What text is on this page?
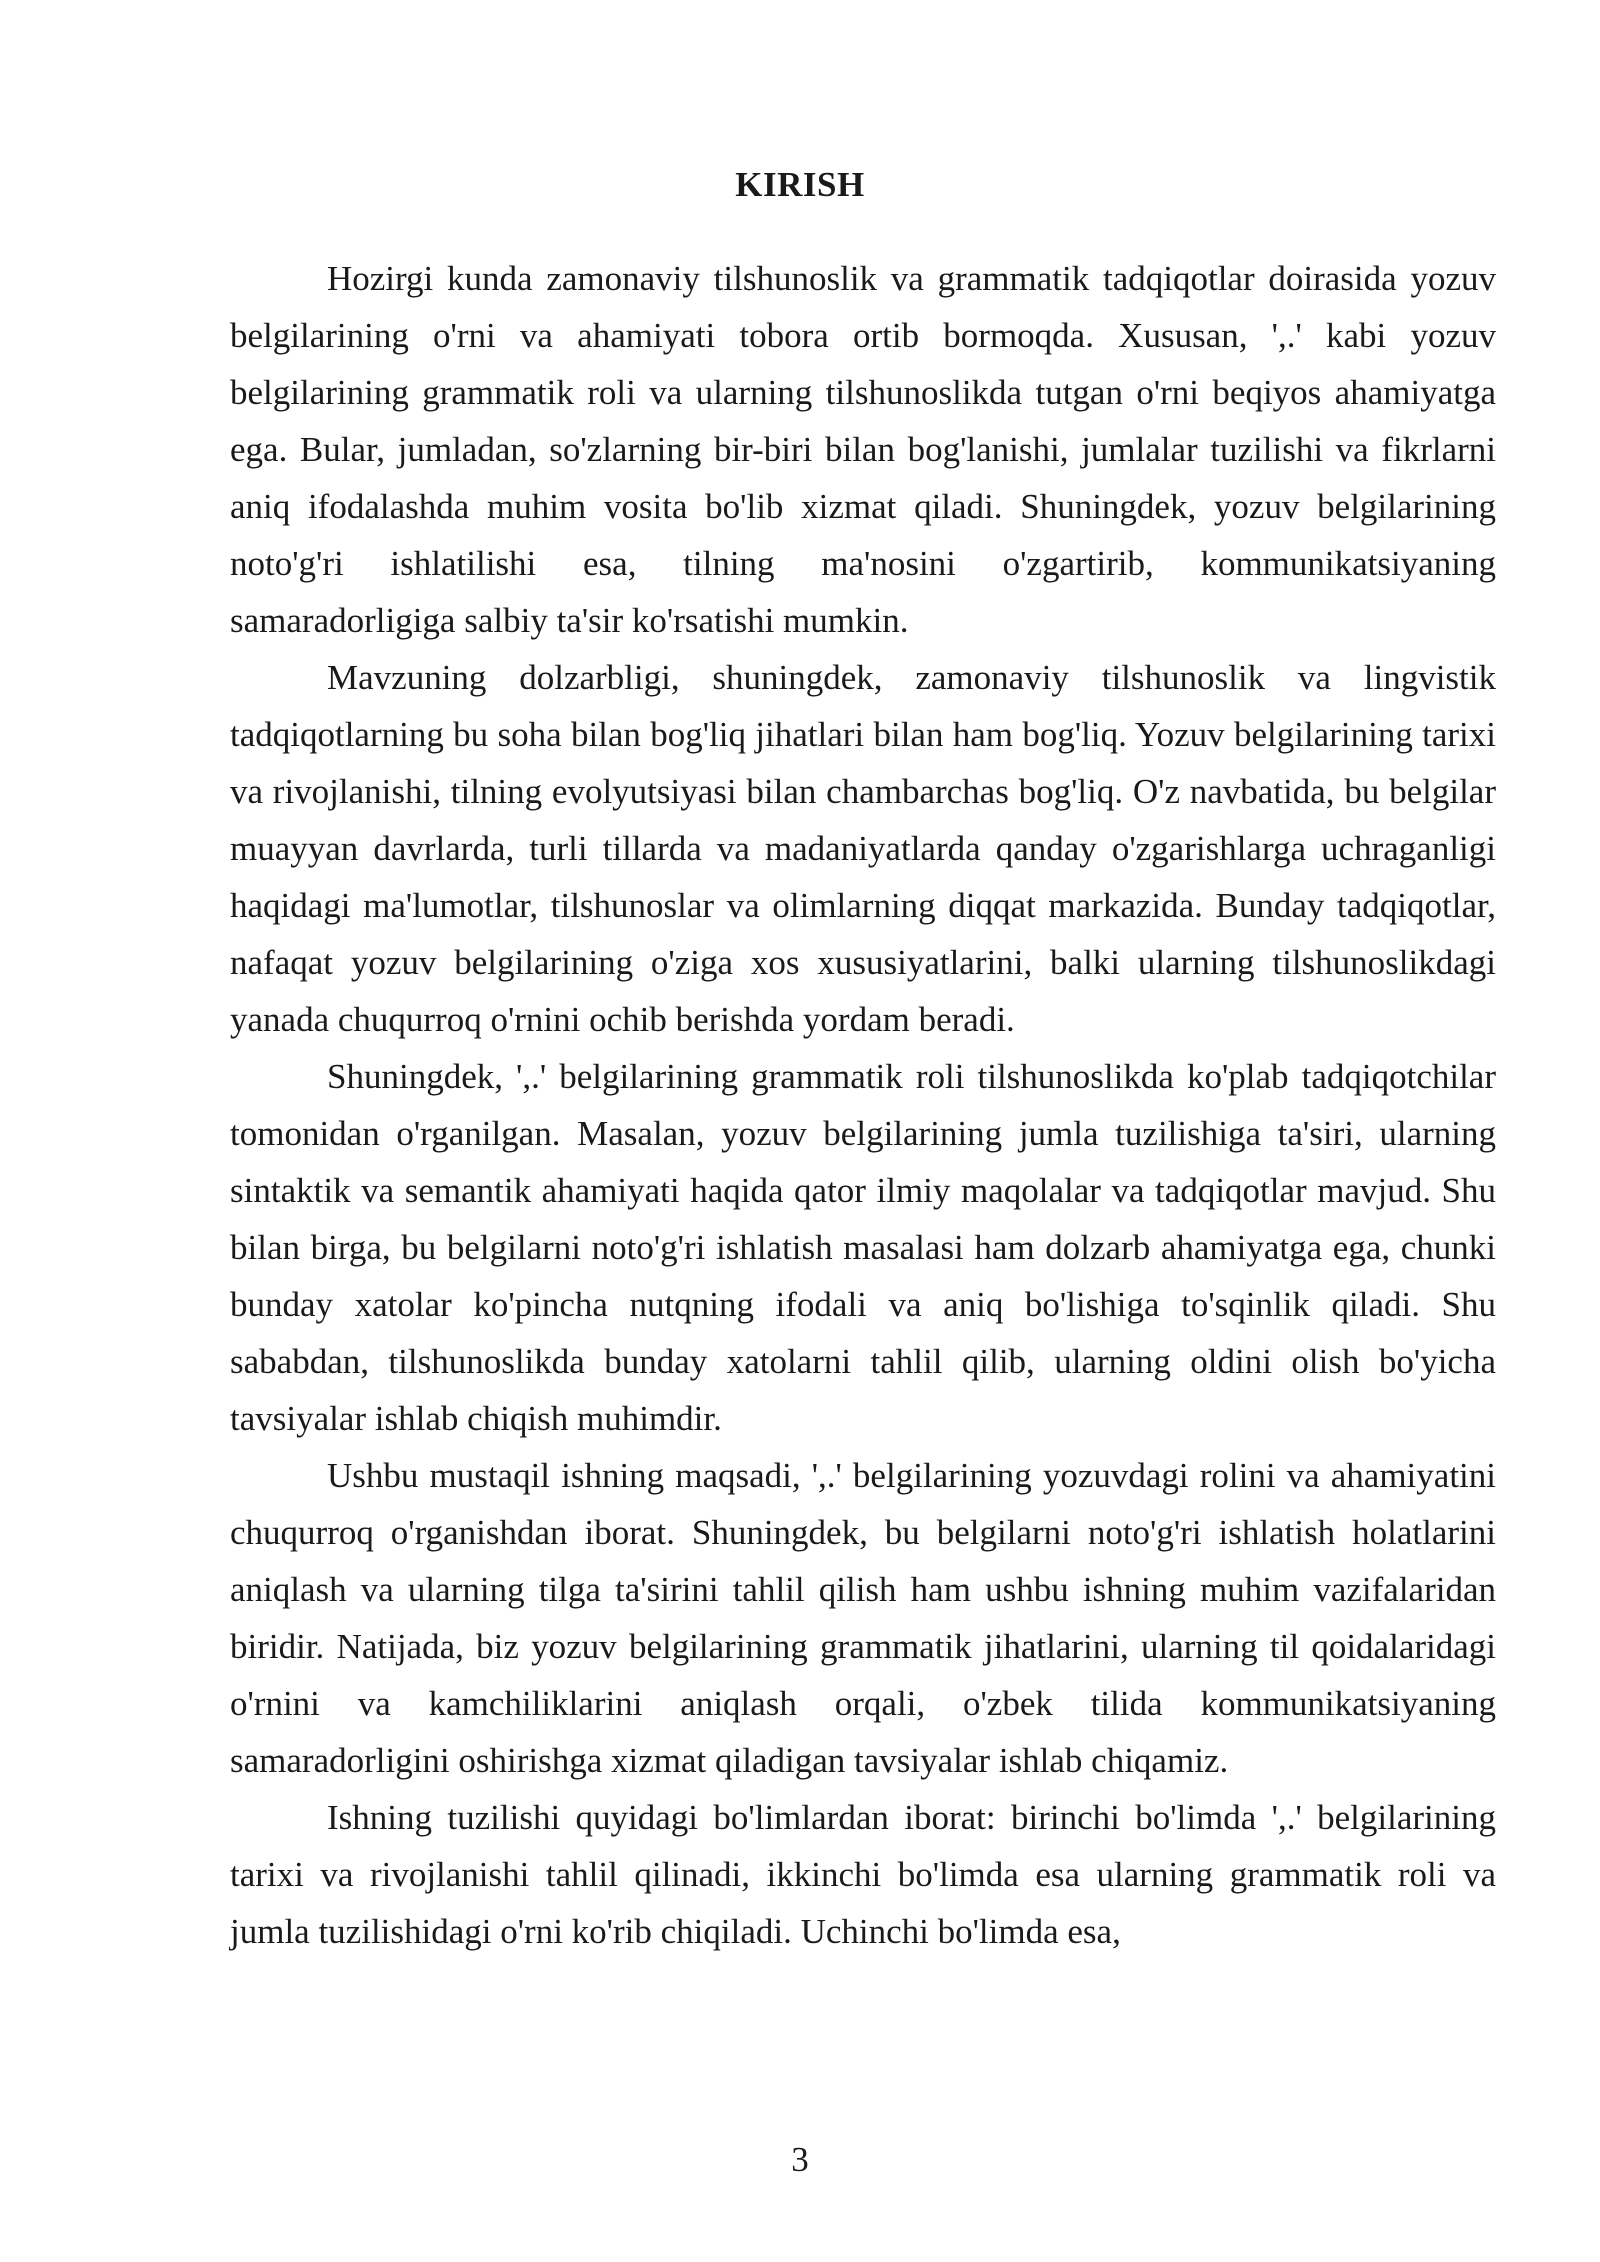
KIRISH

Hozirgi kunda zamonaviy tilshunoslik va grammatik tadqiqotlar doirasida yozuv belgilarining o'rni va ahamiyati tobora ortib bormoqda. Xususan, ',.' kabi yozuv belgilarining grammatik roli va ularning tilshunoslikda tutgan o'rni beqiyos ahamiyatga ega. Bular, jumladan, so'zlarning bir-biri bilan bog'lanishi, jumlalar tuzilishi va fikrlarni aniq ifodalashda muhim vosita bo'lib xizmat qiladi. Shuningdek, yozuv belgilarining noto'g'ri ishlatilishi esa, tilning ma'nosini o'zgartirib, kommunikatsiyaning samaradorligiga salbiy ta'sir ko'rsatishi mumkin.

Mavzuning dolzarbligi, shuningdek, zamonaviy tilshunoslik va lingvistik tadqiqotlarning bu soha bilan bog'liq jihatlari bilan ham bog'liq. Yozuv belgilarining tarixi va rivojlanishi, tilning evolyutsiyasi bilan chambarchas bog'liq. O'z navbatida, bu belgilar muayyan davrlarda, turli tillarda va madaniyatlarda qanday o'zgarishlarga uchraganligi haqidagi ma'lumotlar, tilshunoslar va olimlarning diqqat markazida. Bunday tadqiqotlar, nafaqat yozuv belgilarining o'ziga xos xususiyatlarini, balki ularning tilshunoslikdagi yanada chuqurroq o'rnini ochib berishda yordam beradi.

Shuningdek, ',.' belgilarining grammatik roli tilshunoslikda ko'plab tadqiqotchilar tomonidan o'rganilgan. Masalan, yozuv belgilarining jumla tuzilishiga ta'siri, ularning sintaktik va semantik ahamiyati haqida qator ilmiy maqolalar va tadqiqotlar mavjud. Shu bilan birga, bu belgilarni noto'g'ri ishlatish masalasi ham dolzarb ahamiyatga ega, chunki bunday xatolar ko'pincha nutqning ifodali va aniq bo'lishiga to'sqinlik qiladi. Shu sababdan, tilshunoslikda bunday xatolarni tahlil qilib, ularning oldini olish bo'yicha tavsiyalar ishlab chiqish muhimdir.

Ushbu mustaqil ishning maqsadi, ',.' belgilarining yozuvdagi rolini va ahamiyatini chuqurroq o'rganishdan iborat. Shuningdek, bu belgilarni noto'g'ri ishlatish holatlarini aniqlash va ularning tilga ta'sirini tahlil qilish ham ushbu ishning muhim vazifalaridan biridir. Natijada, biz yozuv belgilarining grammatik jihatlarini, ularning til qoidalaridagi o'rnini va kamchiliklarini aniqlash orqali, o'zbek tilida kommunikatsiyaning samaradorligini oshirishga xizmat qiladigan tavsiyalar ishlab chiqamiz.

Ishning tuzilishi quyidagi bo'limlardan iborat: birinchi bo'limda ',.' belgilarining tarixi va rivojlanishi tahlil qilinadi, ikkinchi bo'limda esa ularning grammatik roli va jumla tuzilishidagi o'rni ko'rib chiqiladi. Uchinchi bo'limda esa,

3
